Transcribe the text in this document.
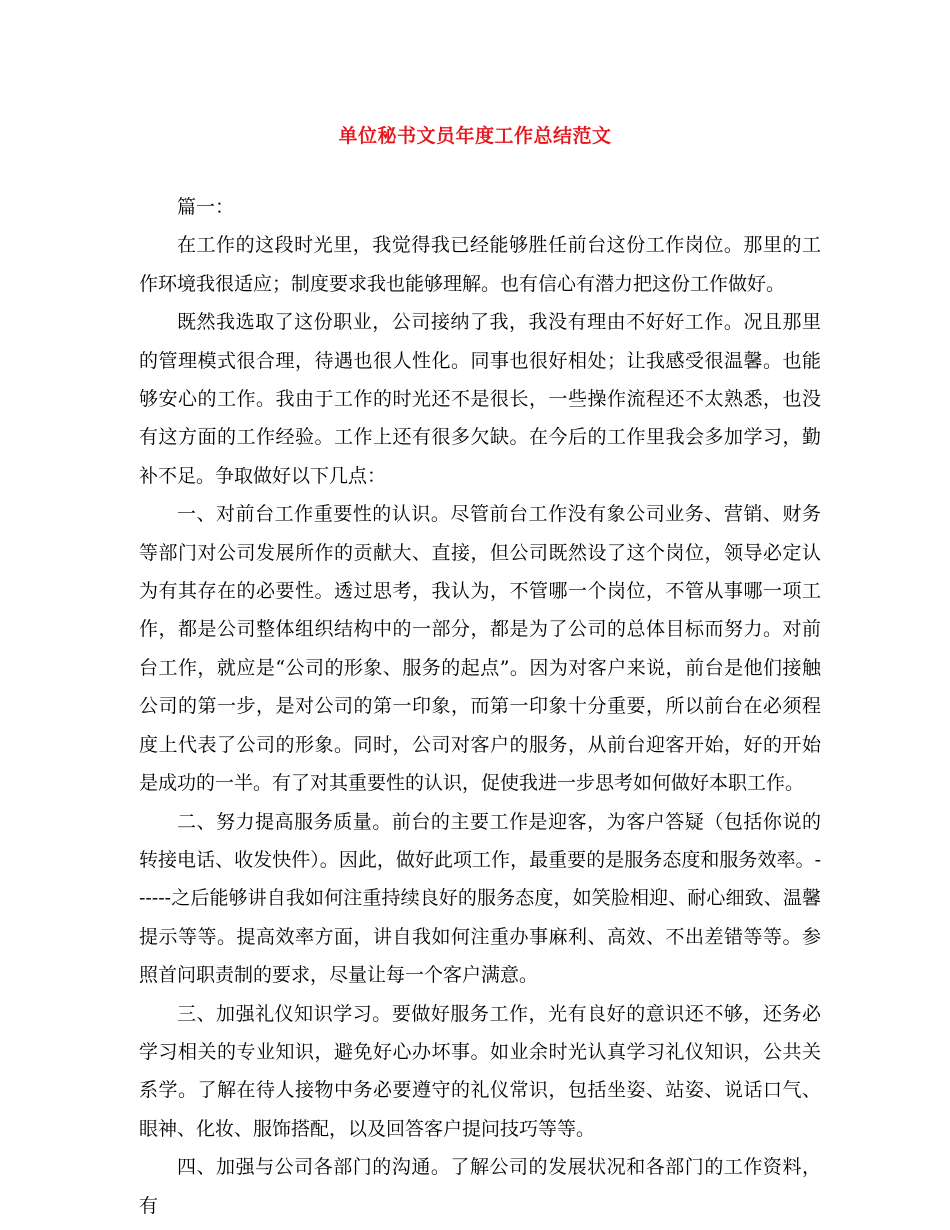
单位秘书文员年度工作总结范文

篇一：

在工作的这段时光里，我觉得我已经能够胜任前台这份工作岗位。那里的工作环境我很适应；制度要求我也能够理解。也有信心有潜力把这份工作做好。

既然我选取了这份职业，公司接纳了我，我没有理由不好好工作。况且那里的管理模式很合理，待遇也很人性化。同事也很好相处；让我感受很温馨。也能够安心的工作。我由于工作的时光还不是很长，一些操作流程还不太熟悉，也没有这方面的工作经验。工作上还有很多欠缺。在今后的工作里我会多加学习，勤补不足。争取做好以下几点：

一、对前台工作重要性的认识。尽管前台工作没有象公司业务、营销、财务等部门对公司发展所作的贡献大、直接，但公司既然设了这个岗位，领导必定认为有其存在的必要性。透过思考，我认为，不管哪一个岗位，不管从事哪一项工作，都是公司整体组织结构中的一部分，都是为了公司的总体目标而努力。对前台工作，就应是“公司的形象、服务的起点”。因为对客户来说，前台是他们接触公司的第一步，是对公司的第一印象，而第一印象十分重要，所以前台在必须程度上代表了公司的形象。同时，公司对客户的服务，从前台迎客开始，好的开始是成功的一半。有了对其重要性的认识，促使我进一步思考如何做好本职工作。

二、努力提高服务质量。前台的主要工作是迎客，为客户答疑（包括你说的转接电话、收发快件）。因此，做好此项工作，最重要的是服务态度和服务效率。------之后能够讲自我如何注重持续良好的服务态度，如笑脸相迎、耐心细致、温馨提示等等。提高效率方面，讲自我如何注重办事麻利、高效、不出差错等等。参照首问职责制的要求，尽量让每一个客户满意。

三、加强礼仪知识学习。要做好服务工作，光有良好的意识还不够，还务必学习相关的专业知识，避免好心办坏事。如业余时光认真学习礼仪知识，公共关系学。了解在待人接物中务必要遵守的礼仪常识，包括坐姿、站姿、说话口气、眼神、化妆、服饰搭配，以及回答客户提问技巧等等。

四、加强与公司各部门的沟通。了解公司的发展状况和各部门的工作资料，有
